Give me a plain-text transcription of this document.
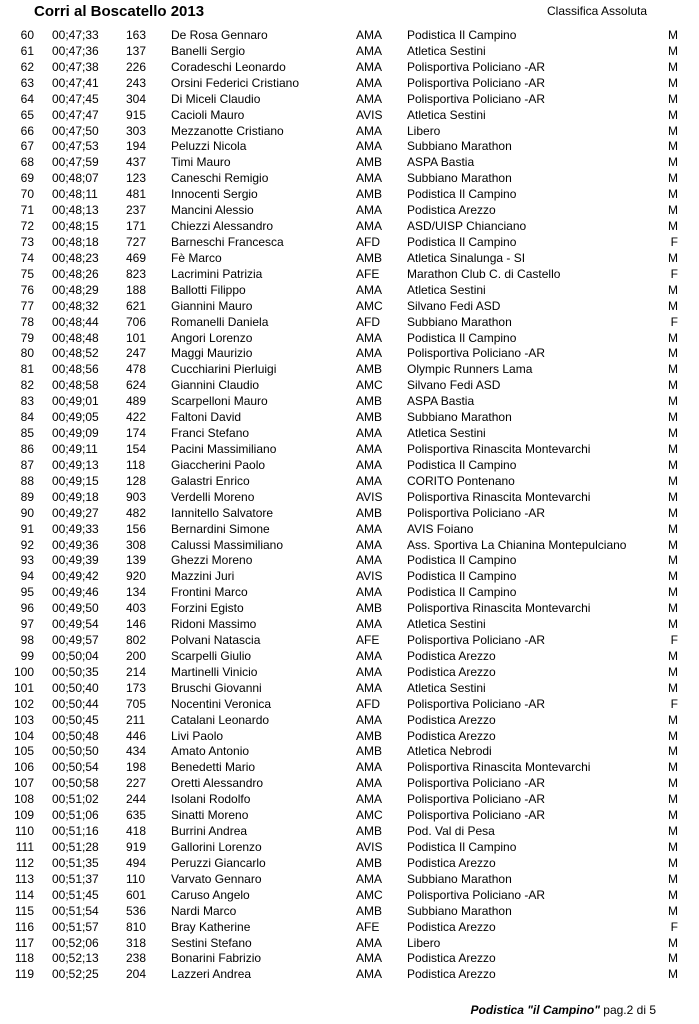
Corri al Boscatello 2013	Classifica Assoluta
60 00;47;33 163 De Rosa Gennaro	AMA Podistica Il Campino	M
61 00;47;36 137 Banelli Sergio	AMA Atletica Sestini	M
62 00;47;38 226 Coradeschi Leonardo	AMA Polisportiva Policiano -AR	M
63 00;47;41 243 Orsini Federici Cristiano	AMA Polisportiva Policiano -AR	M
64 00;47;45 304 Di Miceli Claudio	AMA Polisportiva Policiano -AR	M
65 00;47;47 915 Cacioli Mauro	AVIS Atletica Sestini	M
66 00;47;50 303 Mezzanotte Cristiano	AMA Libero	M
67 00;47;53 194 Peluzzi Nicola	AMA Subbiano Marathon	M
68 00;47;59 437 Timi Mauro	AMB ASPA Bastia	M
69 00;48;07 123 Caneschi Remigio	AMA Subbiano Marathon	M
70 00;48;11 481 Innocenti Sergio	AMB Podistica Il Campino	M
71 00;48;13 237 Mancini Alessio	AMA Podistica Arezzo	M
72 00;48;15 171 Chiezzi Alessandro	AMA ASD/UISP Chianciano	M
73 00;48;18 727 Barneschi Francesca	AFD Podistica Il Campino	F
74 00;48;23 469 Fè Marco	AMB Atletica Sinalunga - SI	M
75 00;48;26 823 Lacrimini Patrizia	AFE Marathon Club C. di Castello	F
76 00;48;29 188 Ballotti Filippo	AMA Atletica Sestini	M
77 00;48;32 621 Giannini Mauro	AMC Silvano Fedi ASD	M
78 00;48;44 706 Romanelli Daniela	AFD Subbiano Marathon	F
79 00;48;48 101 Angori Lorenzo	AMA Podistica Il Campino	M
80 00;48;52 247 Maggi Maurizio	AMA Polisportiva Policiano -AR	M
81 00;48;56 478 Cucchiarini Pierluigi	AMB Olympic Runners Lama	M
82 00;48;58 624 Giannini Claudio	AMC Silvano Fedi ASD	M
83 00;49;01 489 Scarpelloni Mauro	AMB ASPA Bastia	M
84 00;49;05 422 Faltoni David	AMB Subbiano Marathon	M
85 00;49;09 174 Franci Stefano	AMA Atletica Sestini	M
86 00;49;11 154 Pacini Massimiliano	AMA Polisportiva Rinascita Montevarchi	M
87 00;49;13 118 Giaccherini Paolo	AMA Podistica Il Campino	M
88 00;49;15 128 Galastri Enrico	AMA CORITO Pontenano	M
89 00;49;18 903 Verdelli Moreno	AVIS Polisportiva Rinascita Montevarchi	M
90 00;49;27 482 Iannitello Salvatore	AMB Polisportiva Policiano -AR	M
91 00;49;33 156 Bernardini Simone	AMA AVIS Foiano	M
92 00;49;36 308 Calussi Massimiliano	AMA Ass. Sportiva La Chianina Montepulciano	M
93 00;49;39 139 Ghezzi Moreno	AMA Podistica Il Campino	M
94 00;49;42 920 Mazzini Juri	AVIS Podistica Il Campino	M
95 00;49;46 134 Frontini Marco	AMA Podistica Il Campino	M
96 00;49;50 403 Forzini Egisto	AMB Polisportiva Rinascita Montevarchi	M
97 00;49;54 146 Ridoni Massimo	AMA Atletica Sestini	M
98 00;49;57 802 Polvani Natascia	AFE Polisportiva Policiano -AR	F
99 00;50;04 200 Scarpelli Giulio	AMA Podistica Arezzo	M
100 00;50;35 214 Martinelli Vinicio	AMA Podistica Arezzo	M
101 00;50;40 173 Bruschi Giovanni	AMA Atletica Sestini	M
102 00;50;44 705 Nocentini Veronica	AFD Polisportiva Policiano -AR	F
103 00;50;45 211 Catalani Leonardo	AMA Podistica Arezzo	M
104 00;50;48 446 Livi Paolo	AMB Podistica Arezzo	M
105 00;50;50 434 Amato Antonio	AMB Atletica Nebrodi	M
106 00;50;54 198 Benedetti Mario	AMA Polisportiva Rinascita Montevarchi	M
107 00;50;58 227 Oretti Alessandro	AMA Polisportiva Policiano -AR	M
108 00;51;02 244 Isolani Rodolfo	AMA Polisportiva Policiano -AR	M
109 00;51;06 635 Sinatti Moreno	AMC Polisportiva Policiano -AR	M
110 00;51;16 418 Burrini Andrea	AMB Pod. Val di Pesa	M
111 00;51;28 919 Gallorini Lorenzo	AVIS Podistica Il Campino	M
112 00;51;35 494 Peruzzi Giancarlo	AMB Podistica Arezzo	M
113 00;51;37 110 Varvato Gennaro	AMA Subbiano Marathon	M
114 00;51;45 601 Caruso Angelo	AMC Polisportiva Policiano -AR	M
115 00;51;54 536 Nardi Marco	AMB Subbiano Marathon	M
116 00;51;57 810 Bray Katherine	AFE Podistica Arezzo	F
117 00;52;06 318 Sestini Stefano	AMA Libero	M
118 00;52;13 238 Bonarini Fabrizio	AMA Podistica Arezzo	M
119 00;52;25 204 Lazzeri Andrea	AMA Podistica Arezzo	M
Podistica "il Campino" pag.2 di 5
